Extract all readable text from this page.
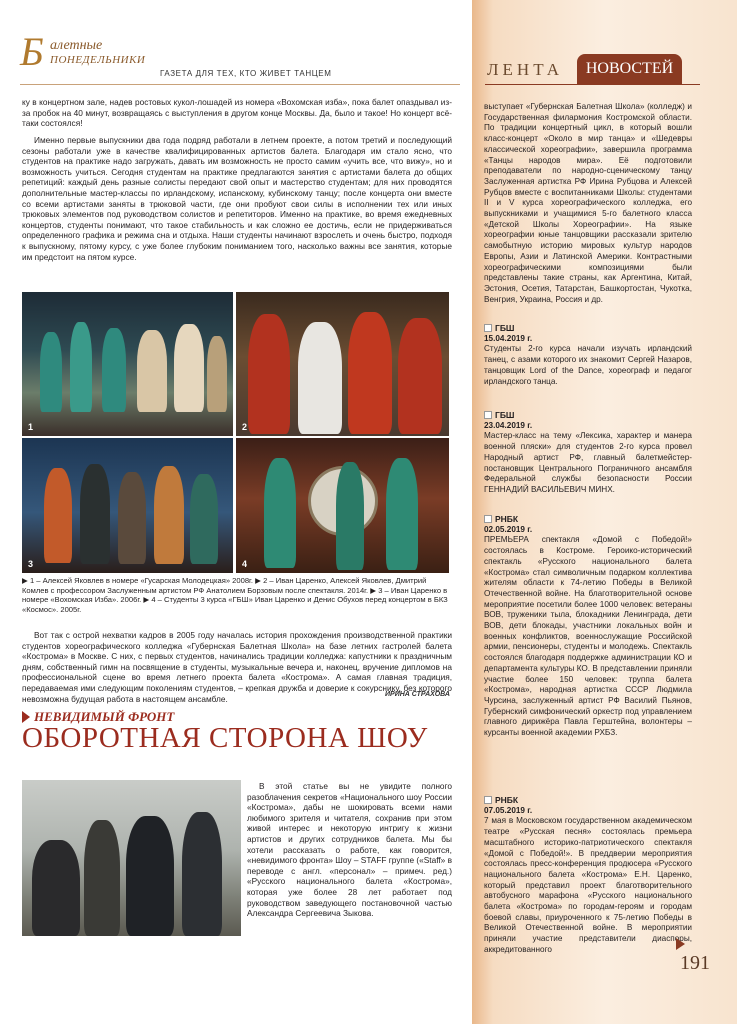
Б алетные
ПОНЕДЕЛЬНИКИ
ГАЗЕТА ДЛЯ ТЕХ, КТО ЖИВЕТ ТАНЦЕМ

ку в концертном зале, надев ростовых кукол-лошадей из номера «Вохомская изба», пока балет опаздывал из-за пробок на 40 минут, возвращаясь с выступления в другом конце Москвы. Да, было и такое! Но концерт всё-таки состоялся!

Именно первые выпускники два года подряд работали в летнем проекте, а потом третий и последующий сезоны работали уже в качестве квалифицированных артистов балета. Благодаря им стало ясно, что студентов на практике надо загружать, давать им возможность не просто самим «учить все, что вижу», но и возможность учиться. Сегодня студентам на практике предлагаются занятия с артистами балета до общих репетиций: каждый день разные солисты передают свой опыт и мастерство студентам; для них проводятся дополнительные мастер-классы по ирландскому, испанскому, кубинскому танцу; после концерта они вместе со всеми артистами заняты в трюковой части, где они пробуют свои силы в исполнении тех или иных трюковых элементов под руководством солистов и репетиторов. Именно на практике, во время ежедневных концертов, студенты понимают, что такое стабильность и как сложно ее достичь, если не придерживаться определенного графика и режима сна и отдыха. Наши студенты начинают взрослеть и очень быстро, подходя к выпускному, пятому курсу, с уже более глубоким пониманием того, насколько важны все занятия, которые им предстоит на пятом курсе.

1	2
3	4

▶ 1 – Алексей Яковлев в номере «Гусарская Молодецкая» 2008г. ▶ 2 – Иван Царенко, Алексей Яковлев, Дмитрий Комлев с профессором Заслуженным артистом РФ Анатолием Борзовым после спектакля. 2014г. ▶ 3 – Иван Царенко в номере «Вохомская Изба». 2006г. ▶ 4 – Студенты 3 курса «ГБШ» Иван Царенко и Денис Обухов перед концертом в БКЗ «Космос». 2005г.

Вот так с острой нехватки кадров в 2005 году началась история прохождения производственной практики студентов хореографического колледжа «Губернская Балетная Школа» на базе летних гастролей балета «Кострома» в Москве. С них, с первых студентов, начинались традиции колледжа: капустники к праздничным дням, собственный гимн на посвящение в студенты, музыкальные вечера и, наконец, вручение дипломов на профессиональной сцене во время летнего проекта балета «Кострома». А самая главная традиция, передаваемая ими следующим поколениям студентов, – крепкая дружба и доверие к сокурснику, без которого невозможна будущая работа в настоящем ансамбле.	ИРИНА СТРАХОВА
НЕВИДИМЫЙ ФРОНТ
ОБОРОТНАЯ СТОРОНА ШОУ

В этой статье вы не увидите полного разоблачения секретов «Национального шоу России «Кострома», дабы не шокировать всеми нами любимого зрителя и читателя, сохранив при этом живой интерес и некоторую интригу к жизни артистов и других сотрудников балета. Мы бы хотели рассказать о работе, как говорится, «невидимого фронта» Шоу – STAFF группе («Staff» в переводе с англ. «персонал» – примеч. ред.) «Русского национального балета «Кострома», которая уже более 28 лет работает под руководством заведующего постановочной частью Александра Сергеевича Зыкова.

ЛЕНТА	НОВОСТЕЙ

выступает «Губернская Балетная Школа» (колледж) и Государственная филармония Костромской области. По традиции концертный цикл, в который вошли класс-концерт «Около в мир танца» и «Шедевры классической хореографии», завершила программа «Танцы народов мира». Её подготовили преподаватели по народно-сценическому танцу Заслуженная артистка РФ Ирина Рубцова и Алексей Рубцов вместе с воспитанниками Школы: студентами II и V курса хореографического колледжа, его выпускниками и учащимися 5-го балетного класса «Детской Школы Хореографии». На языке хореографии юные танцовщики рассказали зрителю самобытную историю мировых культур народов Европы, Азии и Латинской Америки. Контрастными хореографическими композициями были представлены такие страны, как Аргентина, Китай, Эстония, Осетия, Татарстан, Башкортостан, Чукотка, Венгрия, Украина, Россия и др.

ГБШ
15.04.2019 г.
Студенты 2-го курса начали изучать ирландский танец, с азами которого их знакомит Сергей Назаров, танцовщик Lord of the Dance, хореограф и педагог ирландского танца.
ГБШ
23.04.2019 г.
Мастер-класс на тему «Лексика, характер и манера военной пляски» для студентов 2-го курса провел Народный артист РФ, главный балетмейстер-постановщик Центрального Пограничного ансамбля Федеральной службы безопасности России ГЕННАДИЙ ВАСИЛЬЕВИЧ МИНХ.
РНБК
02.05.2019 г.
ПРЕМЬЕРА спектакля «Домой с Победой!» состоялась в Костроме. Героико-исторический спектакль «Русского национального балета «Кострома» стал символичным подарком коллектива жителям области к 74-летию Победы в Великой Отечественной войне. На благотворительной основе мероприятие посетили более 1000 человек: ветераны ВОВ, труженики тыла, блокадники Ленинграда, дети ВОВ, дети блокады, участники локальных войн и военных конфликтов, военнослужащие Российской армии, пенсионеры, студенты и молодежь. Спектакль состоялся благодаря поддержке администрации КО и департамента культуры КО. В представлении приняли участие более 150 человек: труппа балета «Кострома», народная артистка СССР Людмила Чурсина, заслуженный артист РФ Василий Пьянов, Губернский симфонический оркестр под управлением главного дирижёра Павла Герштейна, волонтеры – курсанты военной академии РХБЗ.
РНБК
07.05.2019 г.
7 мая в Московском государственном академическом театре «Русская песня» состоялась премьера масштабного историко-патриотического спектакля «Домой с Победой!». В преддверии мероприятия состоялась пресс-конференция продюсера «Русского национального балета «Кострома» Е.Н. Царенко, который представил проект благотворительного автобусного марафона «Русского национального балета «Кострома» по городам-героям и городам боевой славы, приуроченного к 75-летию Победы в Великой Отечественной войне. В мероприятии приняли участие представители диаспоры, аккредитованного
191
